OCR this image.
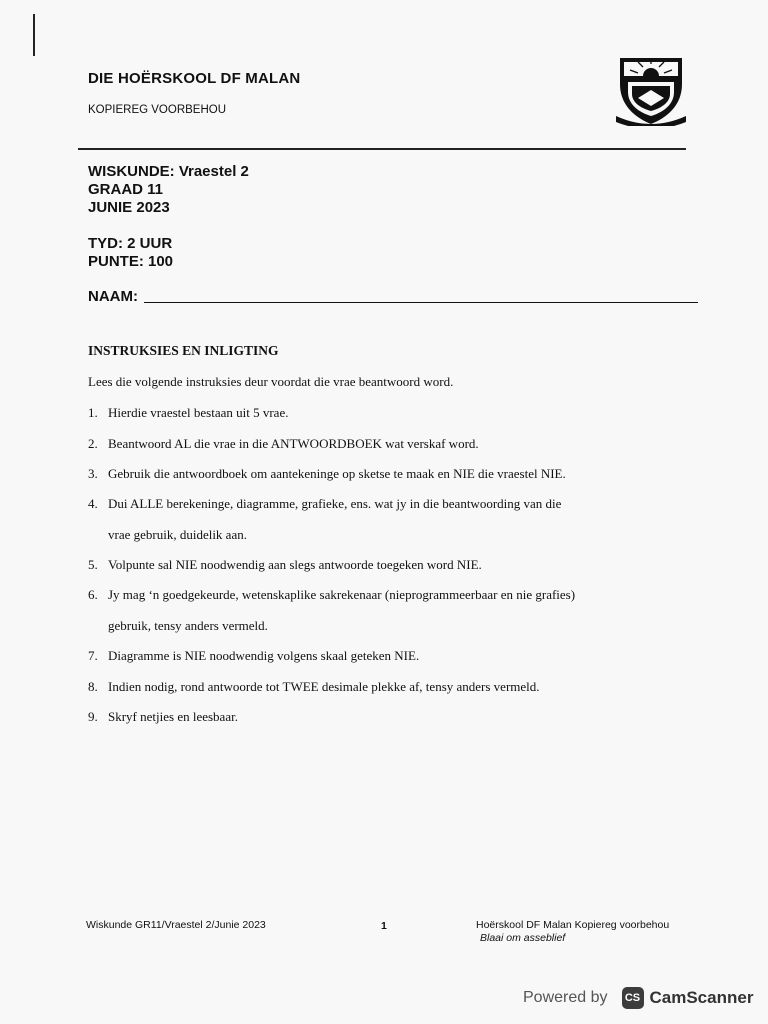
DIE HOËRSKOOL DF MALAN
KOPIEREG VOORBEHOU
WISKUNDE: Vraestel 2
GRAAD 11
JUNIE 2023
TYD: 2 UUR
PUNTE: 100
NAAM:
INSTRUKSIES EN INLIGTING
Lees die volgende instruksies deur voordat die vrae beantwoord word.
1. Hierdie vraestel bestaan uit 5 vrae.
2. Beantwoord AL die vrae in die ANTWOORDBOEK wat verskaf word.
3. Gebruik die antwoordboek om aantekeninge op sketse te maak en NIE die vraestel NIE.
4. Dui ALLE berekeninge, diagramme, grafieke, ens. wat jy in die beantwoording van die
vrae gebruik, duidelik aan.
5. Volpunte sal NIE noodwendig aan slegs antwoorde toegeken word NIE.
6. Jy mag ‘n goedgekeurde, wetenskaplike sakrekenaar (nieprogrammeerbaar en nie grafies)
gebruik, tensy anders vermeld.
7. Diagramme is NIE noodwendig volgens skaal geteken NIE.
8. Indien nodig, rond antwoorde tot TWEE desimale plekke af, tensy anders vermeld.
9. Skryf netjies en leesbaar.
Wiskunde GR11/Vraestel 2/Junie 2023	1	Hoërskool DF Malan Kopiereg voorbehou
Blaai om asseblief
Powered by	CS CamScanner
